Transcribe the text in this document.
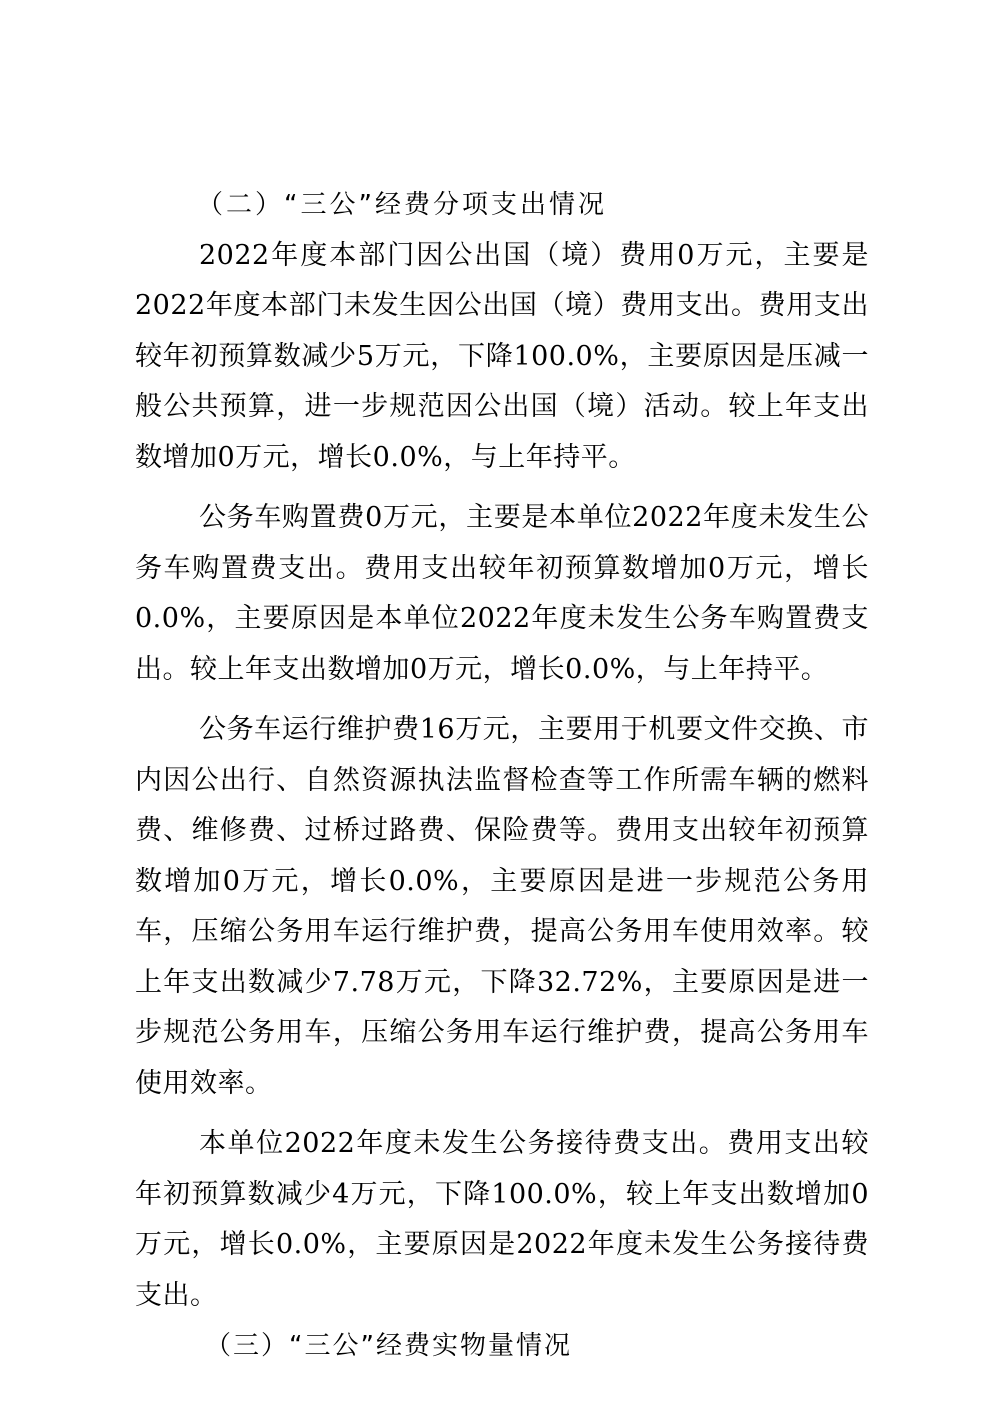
（二）“三公”经费分项支出情况

2022年度本部门因公出国（境）费用0万元，主要是2022年度本部门未发生因公出国（境）费用支出。费用支出较年初预算数减少5万元，下降100.0%，主要原因是压减一般公共预算，进一步规范因公出国（境）活动。较上年支出数增加0万元，增长0.0%，与上年持平。

公务车购置费0万元，主要是本单位2022年度未发生公务车购置费支出。费用支出较年初预算数增加0万元，增长0.0%，主要原因是本单位2022年度未发生公务车购置费支出。较上年支出数增加0万元，增长0.0%，与上年持平。

公务车运行维护费16万元，主要用于机要文件交换、市内因公出行、自然资源执法监督检查等工作所需车辆的燃料费、维修费、过桥过路费、保险费等。费用支出较年初预算数增加0万元，增长0.0%，主要原因是进一步规范公务用车，压缩公务用车运行维护费，提高公务用车使用效率。较上年支出数减少7.78万元，下降32.72%，主要原因是进一步规范公务用车，压缩公务用车运行维护费，提高公务用车使用效率。

本单位2022年度未发生公务接待费支出。费用支出较年初预算数减少4万元，下降100.0%，较上年支出数增加0万元，增长0.0%，主要原因是2022年度未发生公务接待费支出。

（三）“三公”经费实物量情况
